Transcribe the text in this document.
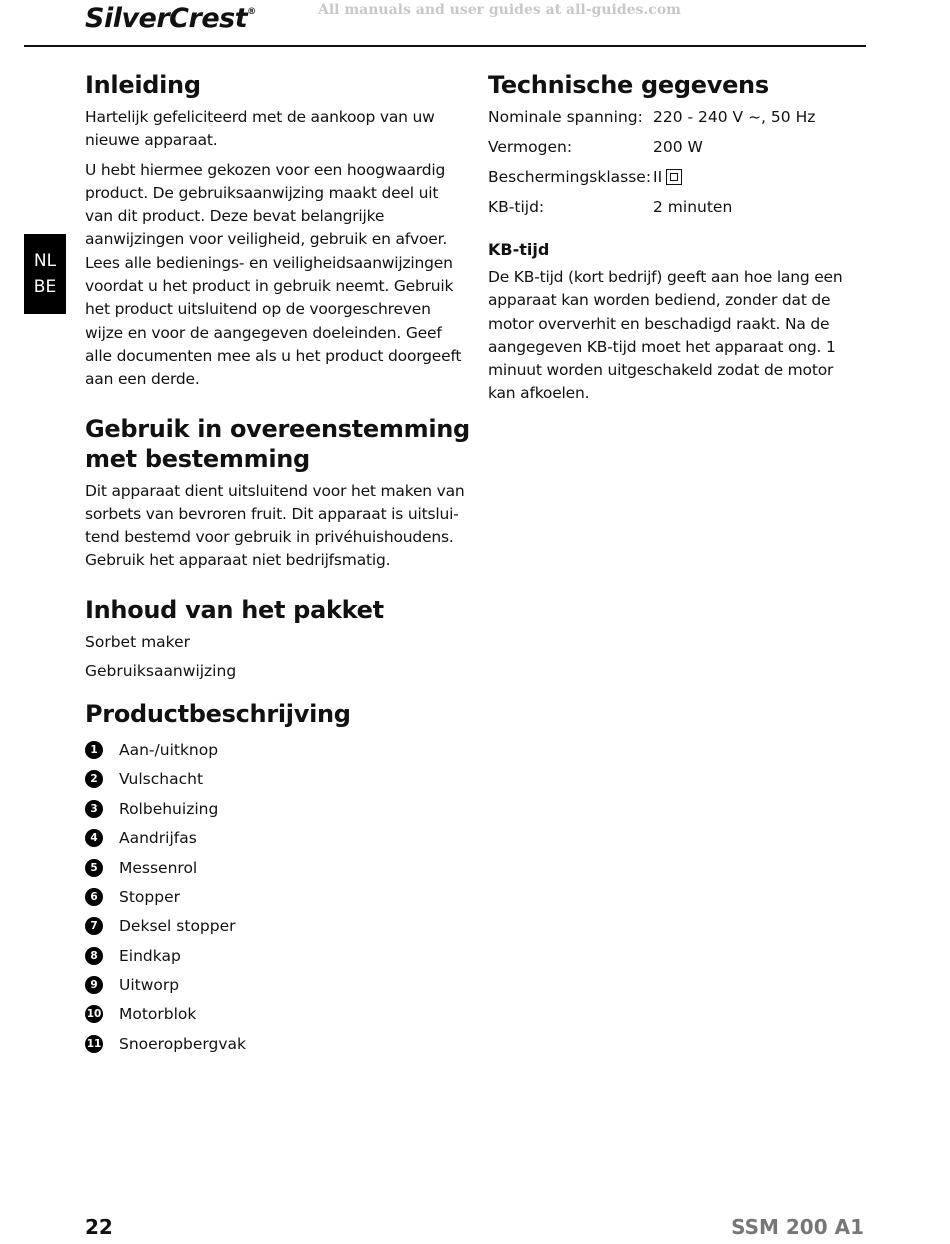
SilverCrest®	All manuals and user guides at all-guides.com
NL
BE
Inleiding

Hartelijk gefeliciteerd met de aankoop van uw nieuwe apparaat.

U hebt hiermee gekozen voor een hoogwaardig product. De gebruiksaanwijzing maakt deel uit van dit product. Deze bevat belangrijke aanwijzingen voor veiligheid, gebruik en afvoer. Lees alle bedienings- en veiligheidsaanwijzingen voordat u het product in gebruik neemt. Gebruik het product uitsluitend op de voorgeschreven wijze en voor de aangegeven doeleinden. Geef alle documenten mee als u het product doorgeeft aan een derde.

Gebruik in overeenstemming met bestemming

Dit apparaat dient uitsluitend voor het maken van sorbets van bevroren fruit. Dit apparaat is uitslui-tend bestemd voor gebruik in privéhuishoudens. Gebruik het apparaat niet bedrijfsmatig.

Inhoud van het pakket
Sorbet maker
Gebruiksaanwijzing
Productbeschrijving
1	Aan-/uitknop
2	Vulschacht
3	Rolbehuizing
4	Aandrijfas
5	Messenrol
6	Stopper
7	Deksel stopper
8	Eindkap
9	Uitworp
10 Motorblok
11 Snoeropbergvak
Technische gegevens
Nominale spanning: 220 - 240 V ~, 50 Hz
Vermogen:	200 W
Beschermingsklasse: II
KB-tijd:	2 minuten
KB-tijd

De KB-tijd (kort bedrijf) geeft aan hoe lang een apparaat kan worden bediend, zonder dat de motor oververhit en beschadigd raakt. Na de aangegeven KB-tijd moet het apparaat ong. 1 minuut worden uitgeschakeld zodat de motor kan afkoelen.

22	SSM 200 A1
